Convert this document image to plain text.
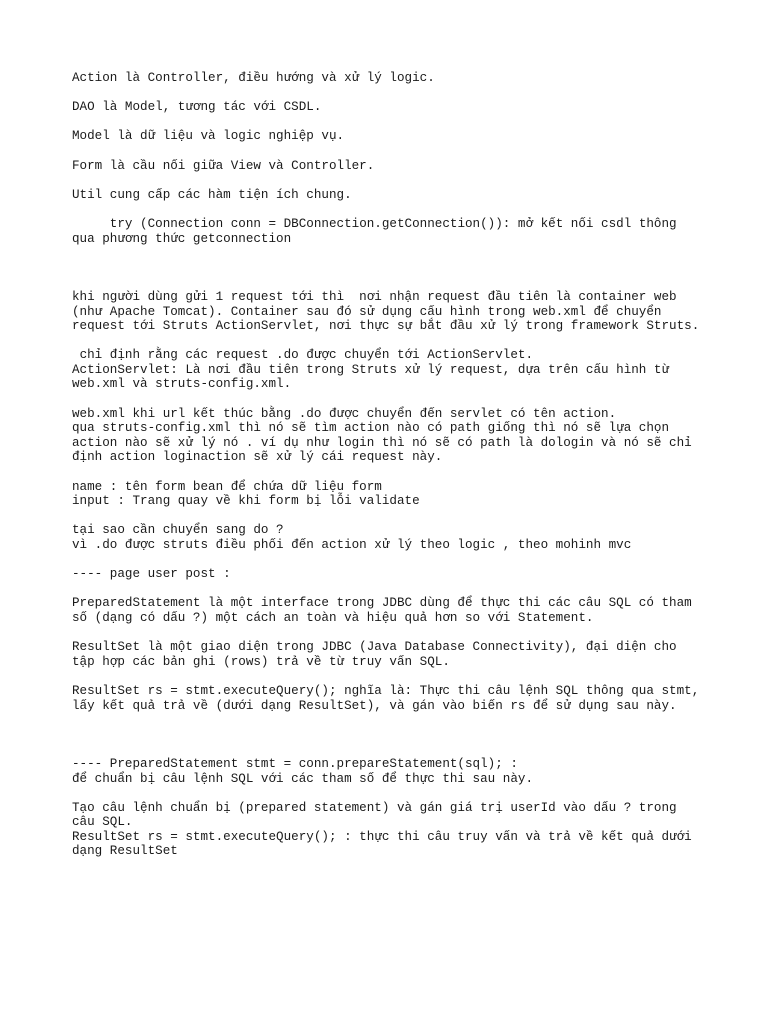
Action là Controller, điều hướng và xử lý logic.
DAO là Model, tương tác với CSDL.
Model là dữ liệu và logic nghiệp vụ.
Form là cầu nối giữa View và Controller.
Util cung cấp các hàm tiện ích chung.
try (Connection conn = DBConnection.getConnection()): mở kết nối csdl thông
qua phương thức getconnection
khi người dùng gửi 1 request tới thì  nơi nhận request đầu tiên là container web
(như Apache Tomcat). Container sau đó sử dụng cấu hình trong web.xml để chuyển
request tới Struts ActionServlet, nơi thực sự bắt đầu xử lý trong framework Struts.
chỉ định rằng các request .do được chuyển tới ActionServlet.
ActionServlet: Là nơi đầu tiên trong Struts xử lý request, dựa trên cấu hình từ
web.xml và struts-config.xml.
web.xml khi url kết thúc bằng .do được chuyển đến servlet có tên action.
qua struts-config.xml thì nó sẽ tìm action nào có path giống thì nó sẽ lựa chọn
action nào sẽ xử lý nó . ví dụ như login thì nó sẽ có path là dologin và nó sẽ chỉ
định action loginaction sẽ xử lý cái request này.
name : tên form bean để chứa dữ liệu form
input : Trang quay về khi form bị lỗi validate
tại sao cần chuyển sang do ?
vì .do được struts điều phối đến action xử lý theo logic , theo mohinh mvc
---- page user post :
PreparedStatement là một interface trong JDBC dùng để thực thi các câu SQL có tham
số (dạng có dấu ?) một cách an toàn và hiệu quả hơn so với Statement.
ResultSet là một giao diện trong JDBC (Java Database Connectivity), đại diện cho
tập hợp các bản ghi (rows) trả về từ truy vấn SQL.
ResultSet rs = stmt.executeQuery(); nghĩa là: Thực thi câu lệnh SQL thông qua stmt,
lấy kết quả trả về (dưới dạng ResultSet), và gán vào biến rs để sử dụng sau này.
---- PreparedStatement stmt = conn.prepareStatement(sql); :
để chuẩn bị câu lệnh SQL với các tham số để thực thi sau này.
Tạo câu lệnh chuẩn bị (prepared statement) và gán giá trị userId vào dấu ? trong
câu SQL.
ResultSet rs = stmt.executeQuery(); : thực thi câu truy vấn và trả về kết quả dưới
dạng ResultSet
